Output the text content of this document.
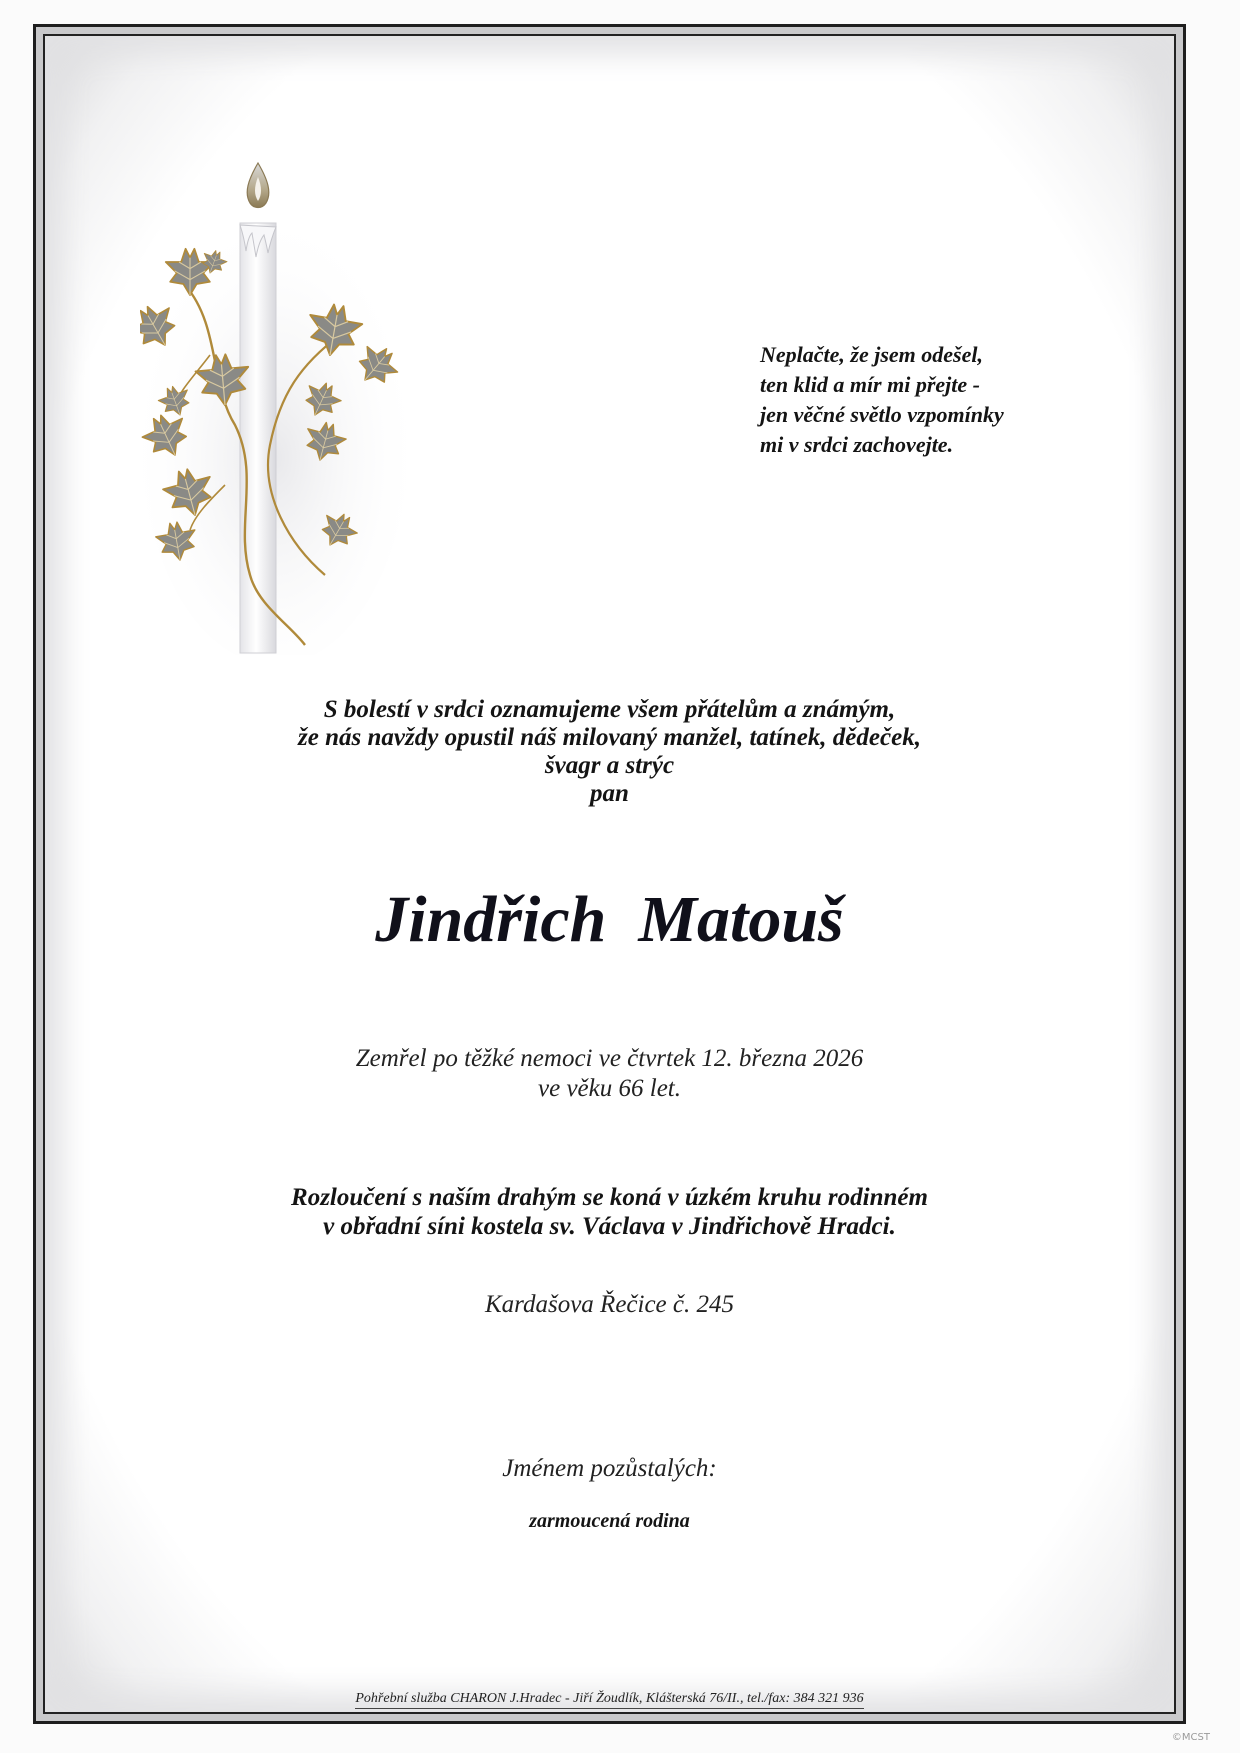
Neplačte, že jsem odešel,
ten klid a mír mi přejte -
jen věčné světlo vzpomínky
mi v srdci zachovejte.
S bolestí v srdci oznamujeme všem přátelům a známým,
že nás navždy opustil náš milovaný manžel, tatínek, dědeček,
švagr a strýc
pan
Jindřich Matouš
Zemřel po těžké nemoci ve čtvrtek 12. března 2026
ve věku 66 let.
Rozloučení s naším drahým se koná v úzkém kruhu rodinném
v obřadní síni kostela sv. Václava v Jindřichově Hradci.
Kardašova Řečice č. 245
Jménem pozůstalých:
zarmoucená rodina
Pohřební služba CHARON J.Hradec - Jiří Žoudlík, Klášterská 76/II., tel./fax: 384 321 936
©MCST
